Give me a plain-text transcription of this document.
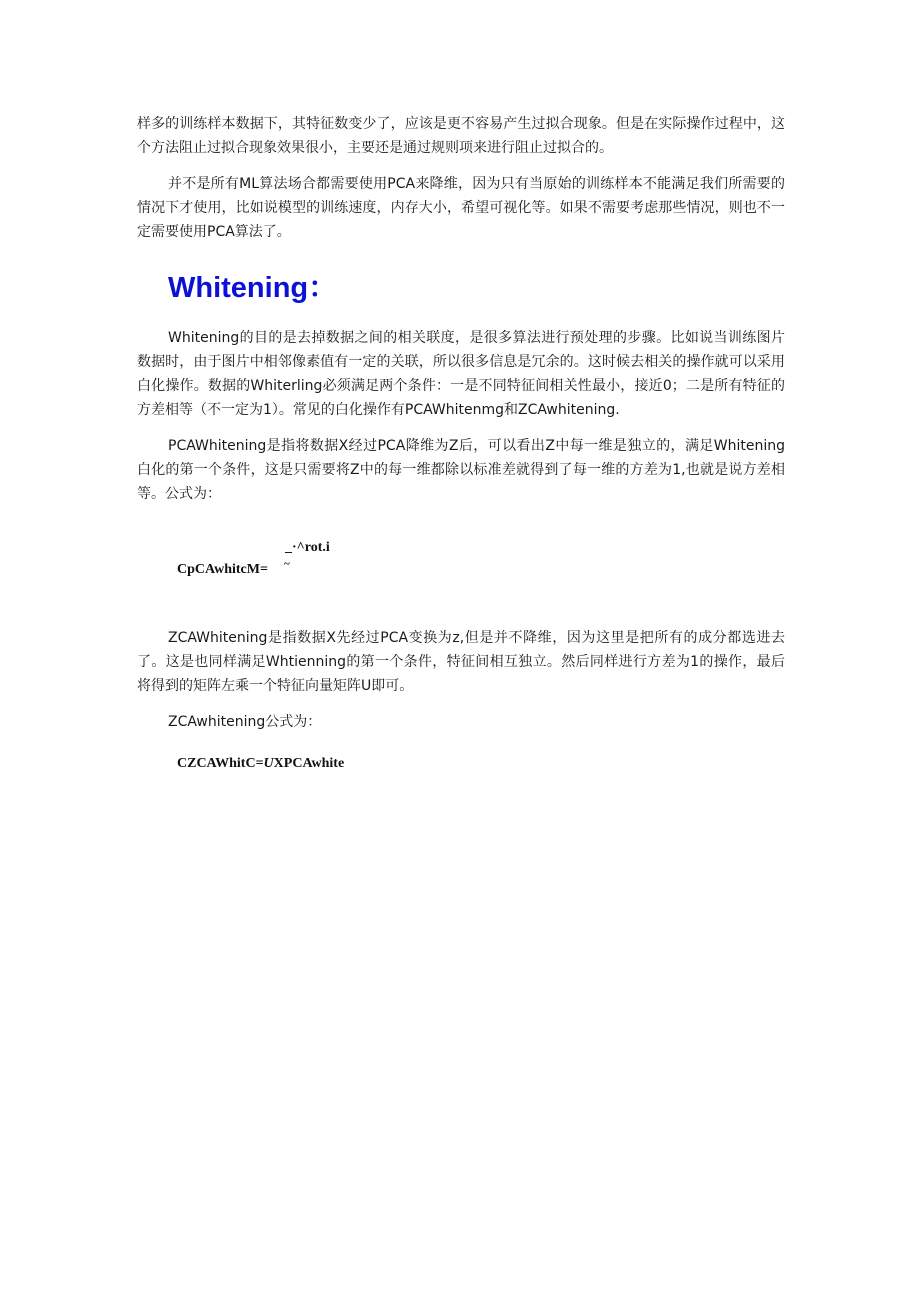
样多的训练样本数据下，其特征数变少了，应该是更不容易产生过拟合现象。但是在实际操作过程中，这个方法阻止过拟合现象效果很小，主要还是通过规则项来进行阻止过拟合的。

并不是所有ML算法场合都需要使用PCA来降维，因为只有当原始的训练样本不能满足我们所需要的情况下才使用，比如说模型的训练速度，内存大小，希望可视化等。如果不需要考虑那些情况，则也不一定需要使用PCA算法了。

Whitening：

Whitening的目的是去掉数据之间的相关联度，是很多算法进行预处理的步骤。比如说当训练图片数据时，由于图片中相邻像素值有一定的关联，所以很多信息是冗余的。这时候去相关的操作就可以采用白化操作。数据的Whiterling必须满足两个条件：一是不同特征间相关性最小，接近0；二是所有特征的方差相等（不一定为1）。常见的白化操作有PCAWhitenmg和ZCAwhitening.

PCAWhitening是指将数据X经过PCA降维为Z后，可以看出Z中每一维是独立的，满足Whitening白化的第一个条件，这是只需要将Z中的每一维都除以标准差就得到了每一维的方差为1,也就是说方差相等。公式为：

CpCAwhitcM= ~
_·^rot.i

ZCAWhitening是指数据X先经过PCA变换为z,但是并不降维，因为这里是把所有的成分都选进去了。这是也同样满足Whtienning的第一个条件，特征间相互独立。然后同样进行方差为1的操作，最后将得到的矩阵左乘一个特征向量矩阵U即可。

ZCAwhitening公式为：

CZCAWhitC=UXPCAwhite
